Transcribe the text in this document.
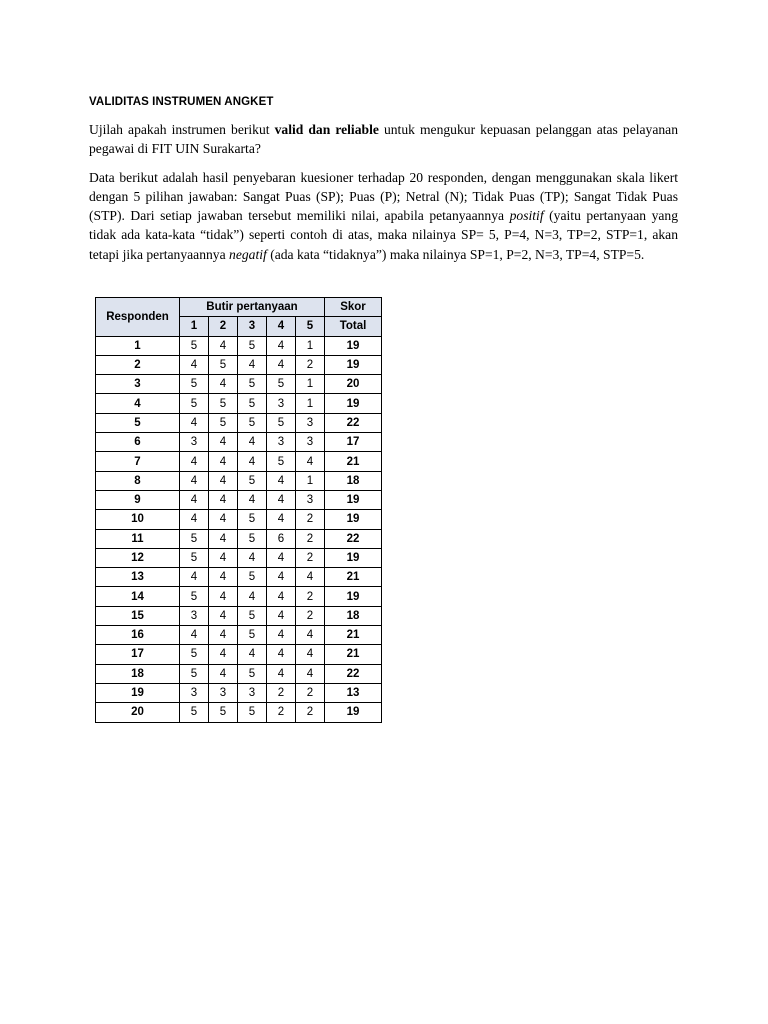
VALIDITAS INSTRUMEN ANGKET

Ujilah apakah instrumen berikut valid dan reliable untuk mengukur kepuasan pelanggan atas pelayanan pegawai di FIT UIN Surakarta?

Data berikut adalah hasil penyebaran kuesioner terhadap 20 responden, dengan menggunakan skala likert dengan 5 pilihan jawaban: Sangat Puas (SP); Puas (P); Netral (N); Tidak Puas (TP); Sangat Tidak Puas (STP). Dari setiap jawaban tersebut memiliki nilai, apabila petanyaannya positif (yaitu pertanyaan yang tidak ada kata-kata “tidak”) seperti contoh di atas, maka nilainya SP= 5, P=4, N=3, TP=2, STP=1, akan tetapi jika pertanyaannya negatif (ada kata “tidaknya”) maka nilainya SP=1, P=2, N=3, TP=4, STP=5.

Responden	Butir pertanyaan					Skor
	1	2	3	4	5	Total
1	5	4	5	4	1	19
2	4	5	4	4	2	19
3	5	4	5	5	1	20
4	5	5	5	3	1	19
5	4	5	5	5	3	22
6	3	4	4	3	3	17
7	4	4	4	5	4	21
8	4	4	5	4	1	18
9	4	4	4	4	3	19
10	4	4	5	4	2	19
11	5	4	5	6	2	22
12	5	4	4	4	2	19
13	4	4	5	4	4	21
14	5	4	4	4	2	19
15	3	4	5	4	2	18
16	4	4	5	4	4	21
17	5	4	4	4	4	21
18	5	4	5	4	4	22
19	3	3	3	2	2	13
20	5	5	5	2	2	19
